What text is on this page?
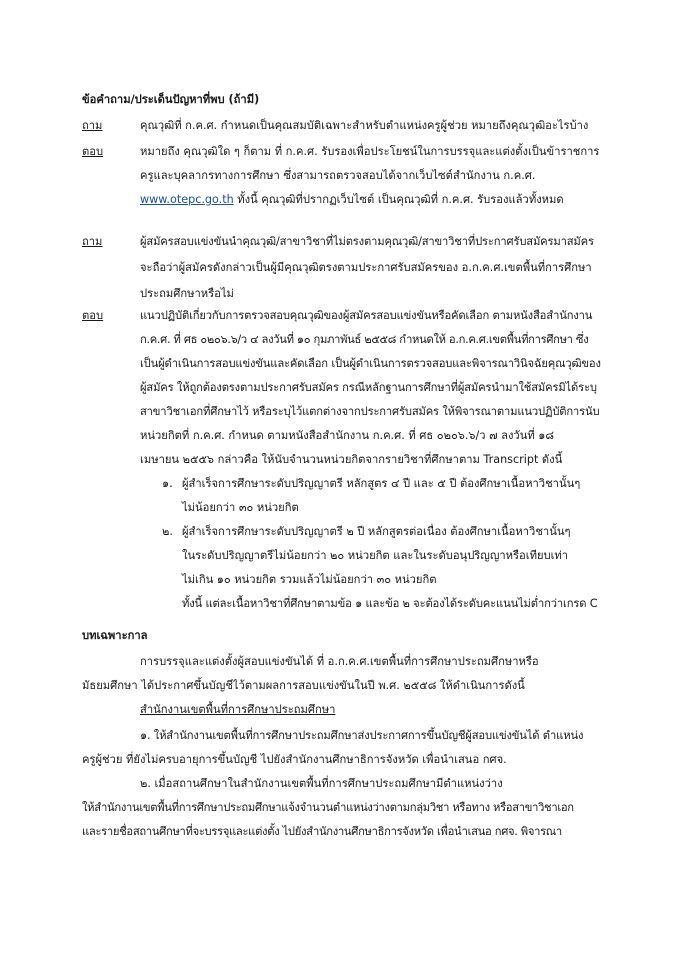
ข้อคำถาม/ประเด็นปัญหาที่พบ (ถ้ามี)
ถาม	คุณวุฒิที่ ก.ค.ศ. กำหนดเป็นคุณสมบัติเฉพาะสำหรับตำแหน่งครูผู้ช่วย หมายถึงคุณวุฒิอะไรบ้าง
ตอบ	หมายถึง คุณวุฒิใด ๆ ก็ตาม ที่ ก.ค.ศ. รับรองเพื่อประโยชน์ในการบรรจุและแต่งตั้งเป็นข้าราชการ
ครูและบุคลากรทางการศึกษา ซึ่งสามารถตรวจสอบได้จากเว็บไซต์สำนักงาน ก.ค.ศ.
www.otepc.go.th ทั้งนี้ คุณวุฒิที่ปรากฏเว็บไซต์ เป็นคุณวุฒิที่ ก.ค.ศ. รับรองแล้วทั้งหมด
ถาม	ผู้สมัครสอบแข่งขันนำคุณวุฒิ/สาขาวิชาที่ไม่ตรงตามคุณวุฒิ/สาขาวิชาที่ประกาศรับสมัครมาสมัคร
จะถือว่าผู้สมัครดังกล่าวเป็นผู้มีคุณวุฒิตรงตามประกาศรับสมัครของ อ.ก.ค.ศ.เขตพื้นที่การศึกษา
ประถมศึกษาหรือไม่
ตอบ	แนวปฏิบัติเกี่ยวกับการตรวจสอบคุณวุฒิของผู้สมัครสอบแข่งขันหรือคัดเลือก ตามหนังสือสำนักงาน
ก.ค.ศ. ที่ ศธ ๐๒๐๖.๖/ว ๔ ลงวันที่ ๑๐ กุมภาพันธ์ ๒๕๕๘ กำหนดให้ อ.ก.ค.ศ.เขตพื้นที่การศึกษา ซึ่ง
เป็นผู้ดำเนินการสอบแข่งขันและคัดเลือก เป็นผู้ดำเนินการตรวจสอบและพิจารณาวินิจฉัยคุณวุฒิของ
ผู้สมัคร ให้ถูกต้องตรงตามประกาศรับสมัคร กรณีหลักฐานการศึกษาที่ผู้สมัครนำมาใช้สมัครมิได้ระบุ
สาขาวิชาเอกที่ศึกษาไว้ หรือระบุไว้แตกต่างจากประกาศรับสมัคร ให้พิจารณาตามแนวปฏิบัติการนับ
หน่วยกิตที่ ก.ค.ศ. กำหนด ตามหนังสือสำนักงาน ก.ค.ศ. ที่ ศธ ๐๒๐๖.๖/ว ๗ ลงวันที่ ๑๘
เมษายน ๒๕๕๖ กล่าวคือ ให้นับจำนวนหน่วยกิตจากรายวิชาที่ศึกษาตาม Transcript ดังนี้
๑. ผู้สำเร็จการศึกษาระดับปริญญาตรี หลักสูตร ๔ ปี และ ๕ ปี ต้องศึกษาเนื้อหาวิชานั้นๆ
ไม่น้อยกว่า ๓๐ หน่วยกิต
๒. ผู้สำเร็จการศึกษาระดับปริญญาตรี ๒ ปี หลักสูตรต่อเนื่อง ต้องศึกษาเนื้อหาวิชานั้นๆ
ในระดับปริญญาตรีไม่น้อยกว่า ๒๐ หน่วยกิต และในระดับอนุปริญญาหรือเทียบเท่า
ไม่เกิน ๑๐ หน่วยกิต รวมแล้วไม่น้อยกว่า ๓๐ หน่วยกิต
ทั้งนี้ แต่ละเนื้อหาวิชาที่ศึกษาตามข้อ ๑ และข้อ ๒ จะต้องได้ระดับคะแนนไม่ต่ำกว่าเกรด C
บทเฉพาะกาล
การบรรจุและแต่งตั้งผู้สอบแข่งขันได้ ที่ อ.ก.ค.ศ.เขตพื้นที่การศึกษาประถมศึกษาหรือ
มัธยมศึกษา ได้ประกาศขึ้นบัญชีไว้ตามผลการสอบแข่งขันในปี พ.ศ. ๒๕๕๘ ให้ดำเนินการดังนี้
สำนักงานเขตพื้นที่การศึกษาประถมศึกษา
๑. ให้สำนักงานเขตพื้นที่การศึกษาประถมศึกษาส่งประกาศการขึ้นบัญชีผู้สอบแข่งขันได้ ตำแหน่ง
ครูผู้ช่วย ที่ยังไม่ครบอายุการขึ้นบัญชี ไปยังสำนักงานศึกษาธิการจังหวัด เพื่อนำเสนอ กศจ.
๒. เมื่อสถานศึกษาในสำนักงานเขตพื้นที่การศึกษาประถมศึกษามีตำแหน่งว่าง
ให้สำนักงานเขตพื้นที่การศึกษาประถมศึกษาแจ้งจำนวนตำแหน่งว่างตามกลุ่มวิชา หรือทาง หรือสาขาวิชาเอก
และรายชื่อสถานศึกษาที่จะบรรจุและแต่งตั้ง ไปยังสำนักงานศึกษาธิการจังหวัด เพื่อนำเสนอ กศจ. พิจารณา
